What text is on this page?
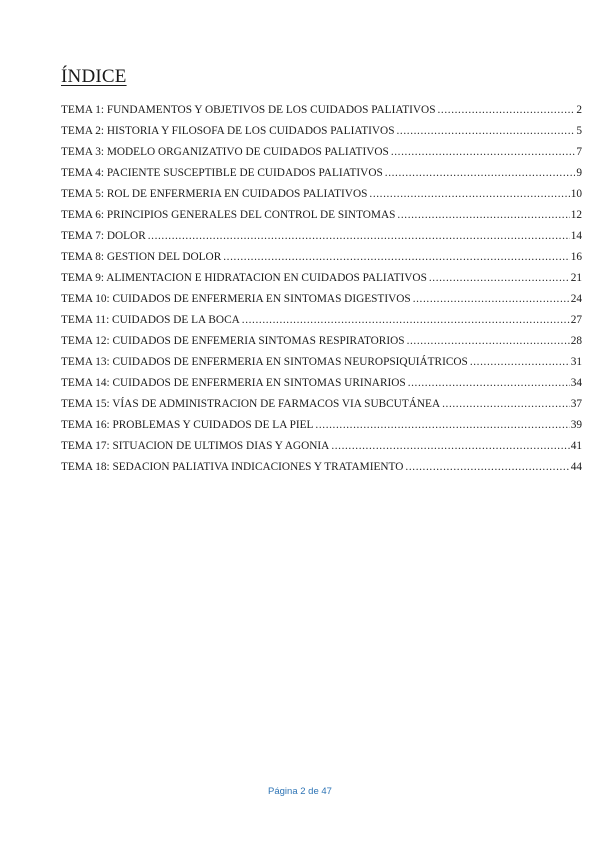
ÍNDICE
TEMA 1: FUNDAMENTOS Y OBJETIVOS DE LOS CUIDADOS PALIATIVOS .....	2
TEMA 2: HISTORIA Y FILOSOFA DE LOS CUIDADOS PALIATIVOS .....	5
TEMA 3: MODELO ORGANIZATIVO DE CUIDADOS PALIATIVOS .....	7
TEMA 4: PACIENTE SUSCEPTIBLE DE CUIDADOS PALIATIVOS .....	9
TEMA 5: ROL DE ENFERMERIA EN CUIDADOS PALIATIVOS .....	10
TEMA 6: PRINCIPIOS GENERALES DEL CONTROL DE SINTOMAS .....	12
TEMA 7: DOLOR .....	14
TEMA 8: GESTION DEL DOLOR .....	16
TEMA 9: ALIMENTACION E HIDRATACION EN CUIDADOS PALIATIVOS .....	21
TEMA 10: CUIDADOS DE ENFERMERIA EN SINTOMAS DIGESTIVOS .....	24
TEMA 11: CUIDADOS DE LA BOCA .....	27
TEMA 12: CUIDADOS DE ENFEMERIA SINTOMAS RESPIRATORIOS .....	28
TEMA 13: CUIDADOS DE ENFERMERIA EN SINTOMAS NEUROPSIQUIÁTRICOS .....	31
TEMA 14: CUIDADOS DE ENFERMERIA EN SINTOMAS URINARIOS .....	34
TEMA 15: VÍAS DE ADMINISTRACION DE FARMACOS VIA SUBCUTÁNEA .....	37
TEMA 16: PROBLEMAS Y CUIDADOS DE LA PIEL .....	39
TEMA 17: SITUACION DE ULTIMOS DIAS Y AGONIA .....	41
TEMA 18: SEDACION PALIATIVA INDICACIONES Y TRATAMIENTO .....	44
Página 2 de 47
